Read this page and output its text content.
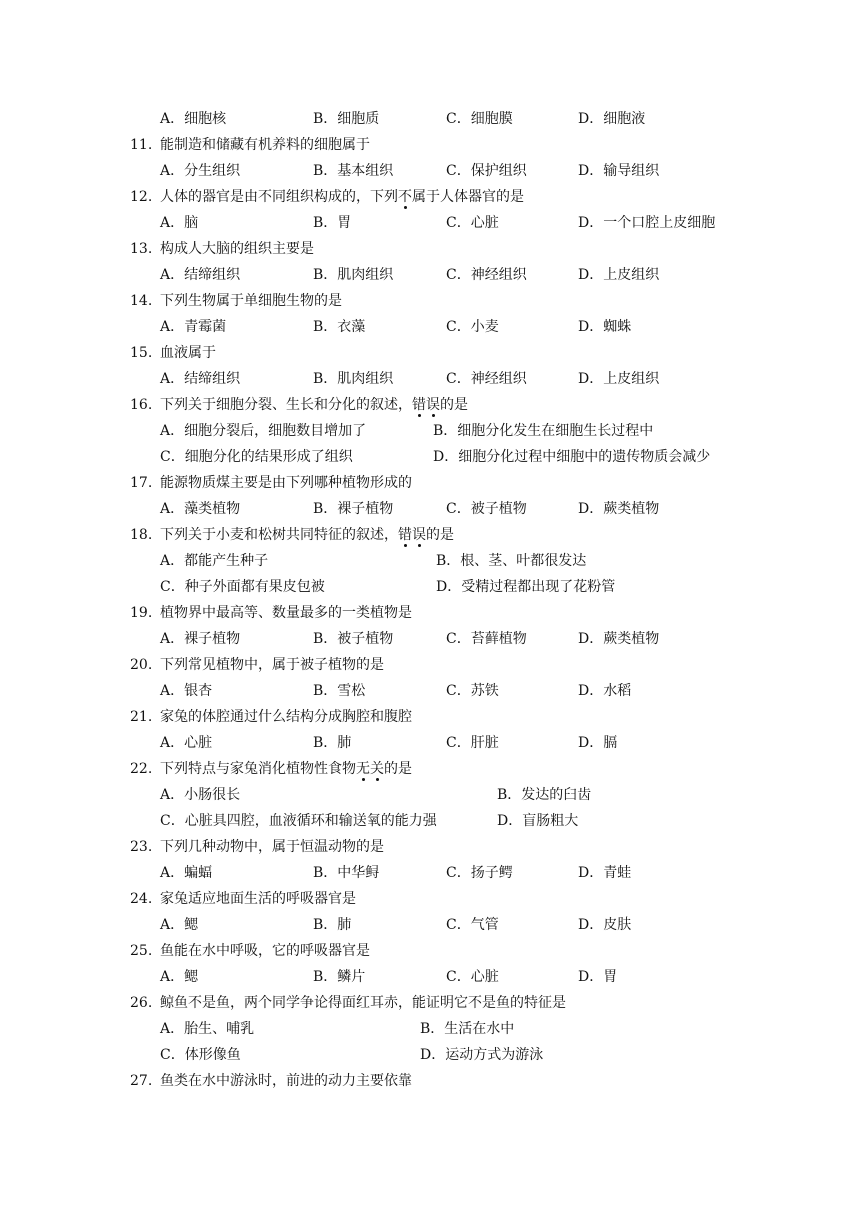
A．细胞核	B．细胞质	C．细胞膜	D．细胞液
11. 能制造和储藏有机养料的细胞属于
A．分生组织	B．基本组织	C．保护组织	D．输导组织
12. 人体的器官是由不同组织构成的，下列不属于人体器官的是
A．脑	B．胃	C．心脏	D．一个口腔上皮细胞
13. 构成人大脑的组织主要是
A．结缔组织	B．肌肉组织	C．神经组织	D．上皮组织
14. 下列生物属于单细胞生物的是
A．青霉菌	B．衣藻	C．小麦	D．蜘蛛
15. 血液属于
A．结缔组织	B．肌肉组织	C．神经组织	D．上皮组织
16. 下列关于细胞分裂、生长和分化的叙述，错误的是
A．细胞分裂后，细胞数目增加了	B．细胞分化发生在细胞生长过程中
C．细胞分化的结果形成了组织	D．细胞分化过程中细胞中的遗传物质会减少
17. 能源物质煤主要是由下列哪种植物形成的
A．藻类植物	B．裸子植物	C．被子植物	D．蕨类植物
18. 下列关于小麦和松树共同特征的叙述，错误的是
A．都能产生种子	B．根、茎、叶都很发达
C．种子外面都有果皮包被	D．受精过程都出现了花粉管
19. 植物界中最高等、数量最多的一类植物是
A．裸子植物	B．被子植物	C．苔藓植物	D．蕨类植物
20. 下列常见植物中，属于被子植物的是
A．银杏	B．雪松	C．苏铁	D．水稻
21. 家兔的体腔通过什么结构分成胸腔和腹腔
A．心脏	B．肺	C．肝脏	D．膈
22. 下列特点与家兔消化植物性食物无关的是
A．小肠很长	B．发达的臼齿
C．心脏具四腔，血液循环和输送氧的能力强	D．盲肠粗大
23. 下列几种动物中，属于恒温动物的是
A．蝙蝠	B．中华鲟	C．扬子鳄	D．青蛙
24. 家兔适应地面生活的呼吸器官是
A．鳃	B．肺	C．气管	D．皮肤
25. 鱼能在水中呼吸，它的呼吸器官是
A．鳃	B．鳞片	C．心脏	D．胃
26. 鲸鱼不是鱼，两个同学争论得面红耳赤，能证明它不是鱼的特征是
A．胎生、哺乳	B．生活在水中
C．体形像鱼	D．运动方式为游泳
27. 鱼类在水中游泳时，前进的动力主要依靠
